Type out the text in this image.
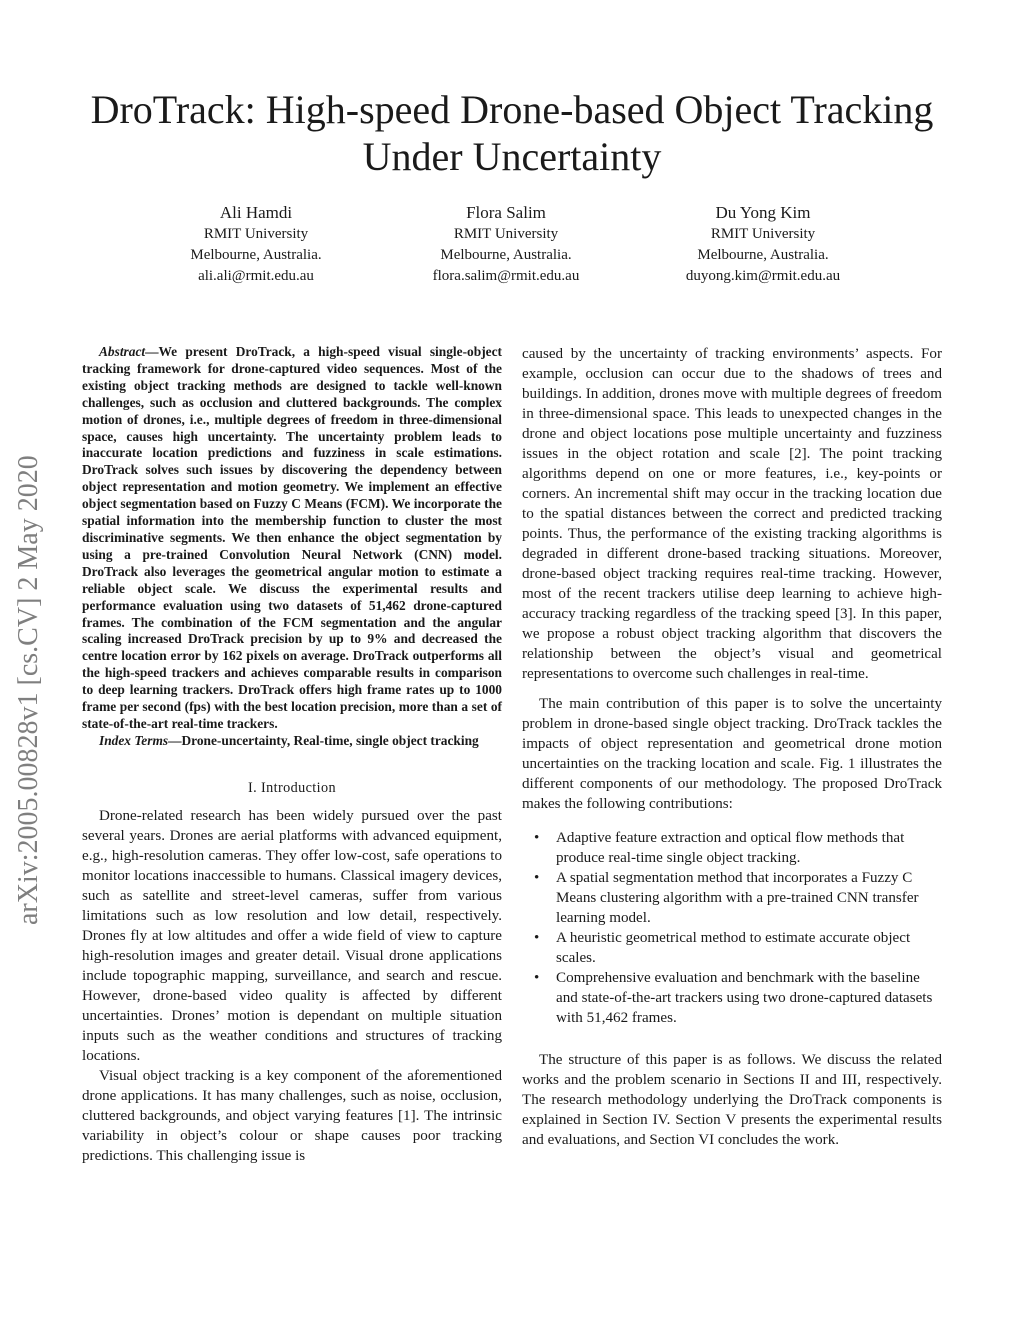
DroTrack: High-speed Drone-based Object Tracking Under Uncertainty
Ali Hamdi
RMIT University
Melbourne, Australia.
ali.ali@rmit.edu.au
Flora Salim
RMIT University
Melbourne, Australia.
flora.salim@rmit.edu.au
Du Yong Kim
RMIT University
Melbourne, Australia.
duyong.kim@rmit.edu.au
arXiv:2005.00828v1 [cs.CV] 2 May 2020

Abstract—We present DroTrack, a high-speed visual single-object tracking framework for drone-captured video sequences. Most of the existing object tracking methods are designed to tackle well-known challenges, such as occlusion and cluttered backgrounds. The complex motion of drones, i.e., multiple degrees of freedom in three-dimensional space, causes high uncertainty. The uncertainty problem leads to inaccurate location predictions and fuzziness in scale estimations. DroTrack solves such issues by discovering the dependency between object representation and motion geometry. We implement an effective object segmentation based on Fuzzy C Means (FCM). We incorporate the spatial information into the membership function to cluster the most discriminative segments. We then enhance the object segmentation by using a pre-trained Convolution Neural Network (CNN) model. DroTrack also leverages the geometrical angular motion to estimate a reliable object scale. We discuss the experimental results and performance evaluation using two datasets of 51,462 drone-captured frames. The combination of the FCM segmentation and the angular scaling increased DroTrack precision by up to 9% and decreased the centre location error by 162 pixels on average. DroTrack outperforms all the high-speed trackers and achieves comparable results in comparison to deep learning trackers. DroTrack offers high frame rates up to 1000 frame per second (fps) with the best location precision, more than a set of state-of-the-art real-time trackers.

Index Terms—Drone-uncertainty, Real-time, single object tracking

I. Introduction

Drone-related research has been widely pursued over the past several years. Drones are aerial platforms with advanced equipment, e.g., high-resolution cameras. They offer low-cost, safe operations to monitor locations inaccessible to humans. Classical imagery devices, such as satellite and street-level cameras, suffer from various limitations such as low resolution and low detail, respectively. Drones fly at low altitudes and offer a wide field of view to capture high-resolution images and greater detail. Visual drone applications include topographic mapping, surveillance, and search and rescue. However, drone-based video quality is affected by different uncertainties. Drones’ motion is dependant on multiple situation inputs such as the weather conditions and structures of tracking locations.

Visual object tracking is a key component of the aforementioned drone applications. It has many challenges, such as noise, occlusion, cluttered backgrounds, and object varying features [1]. The intrinsic variability in object’s colour or shape causes poor tracking predictions. This challenging issue is

caused by the uncertainty of tracking environments’ aspects. For example, occlusion can occur due to the shadows of trees and buildings. In addition, drones move with multiple degrees of freedom in three-dimensional space. This leads to unexpected changes in the drone and object locations pose multiple uncertainty and fuzziness issues in the object rotation and scale [2]. The point tracking algorithms depend on one or more features, i.e., key-points or corners. An incremental shift may occur in the tracking location due to the spatial distances between the correct and predicted tracking points. Thus, the performance of the existing tracking algorithms is degraded in different drone-based tracking situations. Moreover, drone-based object tracking requires real-time tracking. However, most of the recent trackers utilise deep learning to achieve high-accuracy tracking regardless of the tracking speed [3]. In this paper, we propose a robust object tracking algorithm that discovers the relationship between the object’s visual and geometrical representations to overcome such challenges in real-time.

The main contribution of this paper is to solve the uncertainty problem in drone-based single object tracking. DroTrack tackles the impacts of object representation and geometrical drone motion uncertainties on the tracking location and scale. Fig. 1 illustrates the different components of our methodology. The proposed DroTrack makes the following contributions:

• Adaptive feature extraction and optical flow methods that produce real-time single object tracking.
• A spatial segmentation method that incorporates a Fuzzy C Means clustering algorithm with a pre-trained CNN transfer learning model.
• A heuristic geometrical method to estimate accurate object scales.
• Comprehensive evaluation and benchmark with the baseline and state-of-the-art trackers using two drone-captured datasets with 51,462 frames.

The structure of this paper is as follows. We discuss the related works and the problem scenario in Sections II and III, respectively. The research methodology underlying the DroTrack components is explained in Section IV. Section V presents the experimental results and evaluations, and Section VI concludes the work.
